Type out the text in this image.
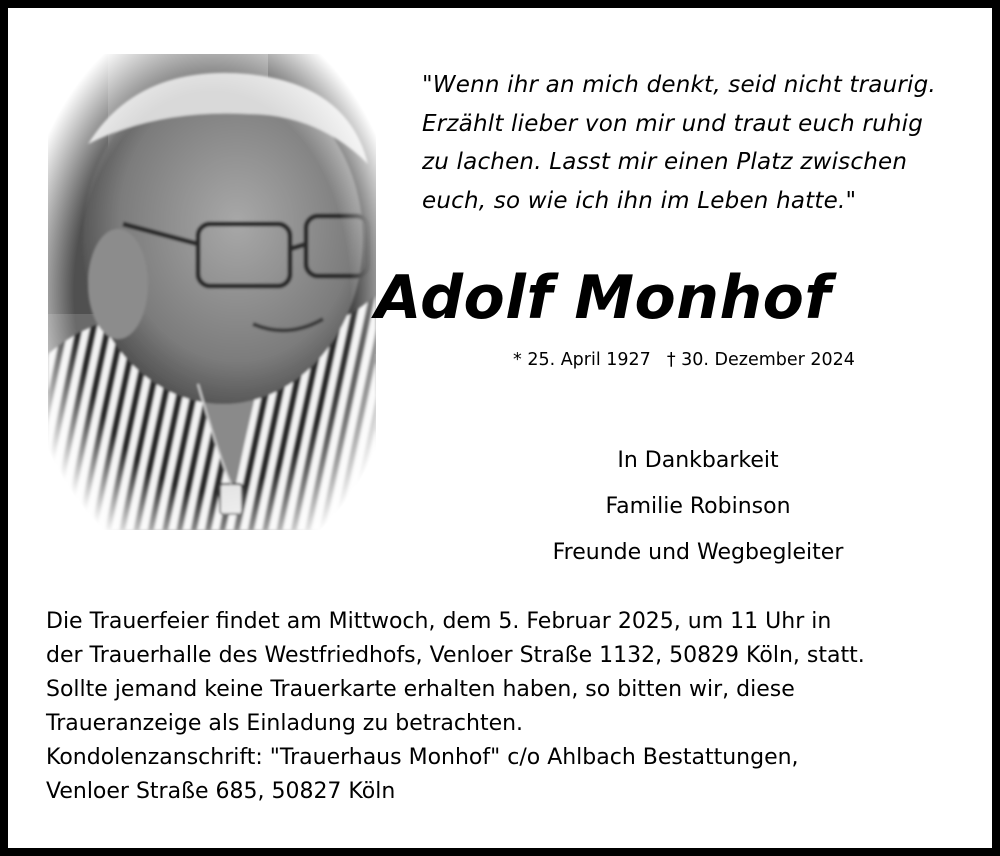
"Wenn ihr an mich denkt, seid nicht traurig.
Erzählt lieber von mir und traut euch ruhig
zu lachen. Lasst mir einen Platz zwischen
euch, so wie ich ihn im Leben hatte."
Adolf Monhof
* 25. April 1927 † 30. Dezember 2024
In Dankbarkeit
Familie Robinson
Freunde und Wegbegleiter
Die Trauerfeier findet am Mittwoch, dem 5. Februar 2025, um 11 Uhr in
der Trauerhalle des Westfriedhofs, Venloer Straße 1132, 50829 Köln, statt.
Sollte jemand keine Trauerkarte erhalten haben, so bitten wir, diese
Traueranzeige als Einladung zu betrachten.
Kondolenzanschrift: "Trauerhaus Monhof" c/o Ahlbach Bestattungen,
Venloer Straße 685, 50827 Köln
